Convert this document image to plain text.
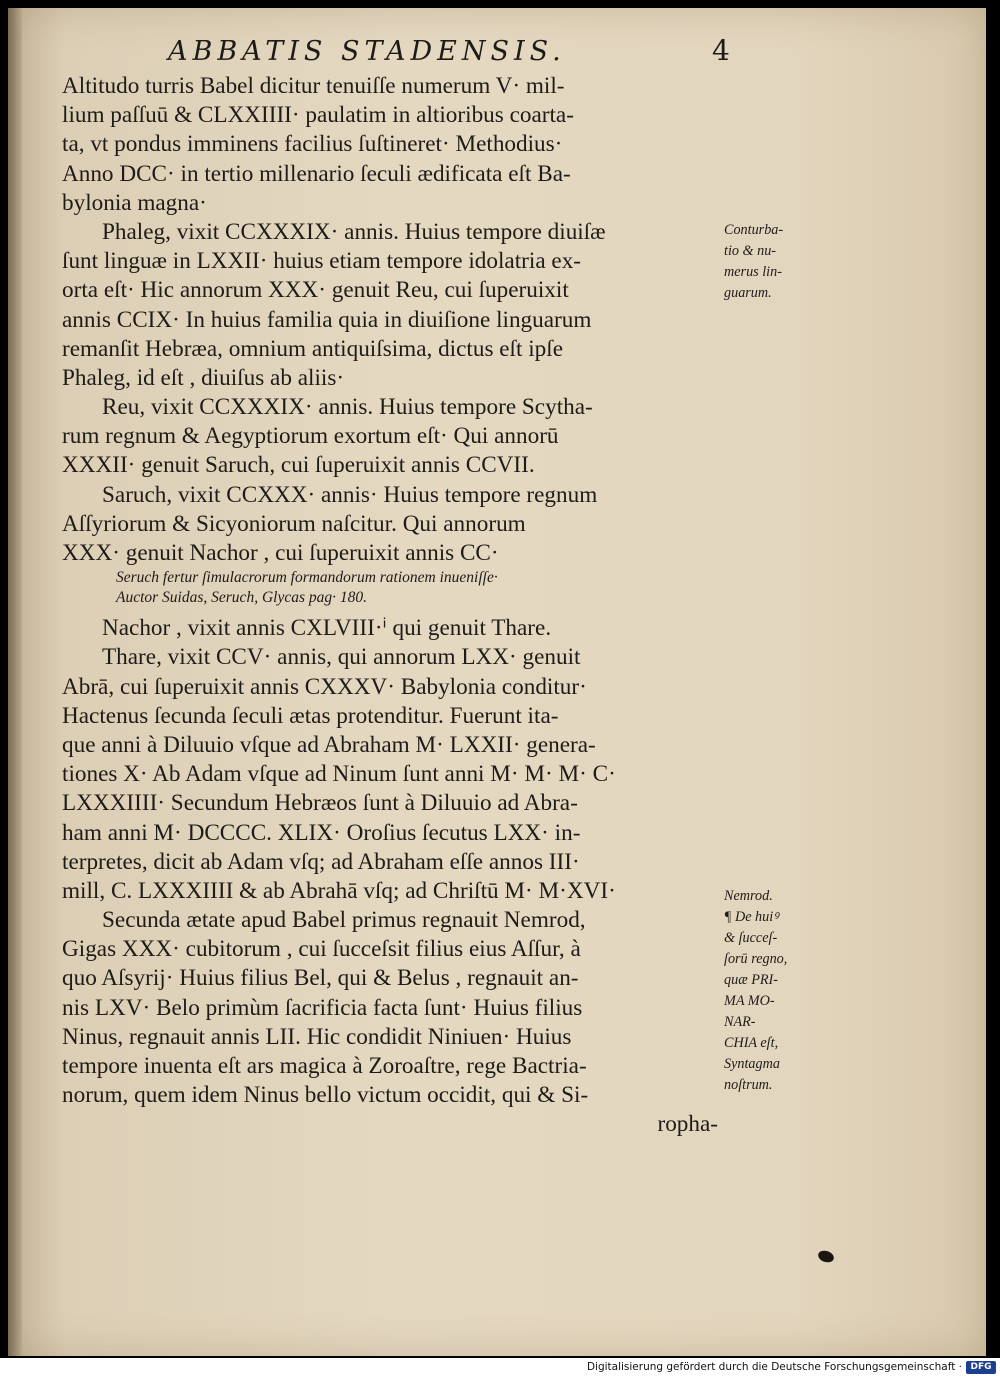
ABBATIS STADENSIS.	4
Altitudo turris Babel dicitur tenuiſſe numerum V· mil-
lium paſſuū & CLXXIIII· paulatim in altioribus coarta-
ta, vt pondus imminens facilius ſuſtineret· Methodius·
Anno DCC· in tertio millenario ſeculi ædificata eſt Ba-
bylonia magna·
Phaleg, vixit CCXXXIX· annis. Huius tempore diuiſæ
ſunt linguæ in LXXII· huius etiam tempore idolatria ex-
orta eſt· Hic annorum XXX· genuit Reu, cui ſuperuixit
annis CCIX· In huius familia quia in diuiſione linguarum
remanſit Hebræa, omnium antiquiſsima, dictus eſt ipſe
Phaleg, id eſt , diuiſus ab aliis·
Reu, vixit CCXXXIX· annis. Huius tempore Scytha-
rum regnum & Aegyptiorum exortum eſt· Qui annorū
XXXII· genuit Saruch, cui ſuperuixit annis CCVII.
Saruch, vixit CCXXX· annis· Huius tempore regnum
Aſſyriorum & Sicyoniorum naſcitur. Qui annorum
XXX· genuit Nachor , cui ſuperuixit annis CC·
Seruch fertur ſimulacrorum formandorum rationem inueniſſe·
Auctor Suidas, Seruch, Glycas pag· 180.
Nachor , vixit annis CXLVIII·ⁱ qui genuit Thare.
Thare, vixit CCV· annis, qui annorum LXX· genuit
Abrā, cui ſuperuixit annis CXXXV· Babylonia conditur·
Hactenus ſecunda ſeculi ætas protenditur. Fuerunt ita-
que anni à Diluuio vſque ad Abraham M· LXXII· genera-
tiones X· Ab Adam vſque ad Ninum ſunt anni M· M· M· C·
LXXXIIII· Secundum Hebræos ſunt à Diluuio ad Abra-
ham anni M· DCCCC. XLIX· Oroſius ſecutus LXX· in-
terpretes, dicit ab Adam vſq; ad Abraham eſſe annos III·
mill, C. LXXXIIII & ab Abrahā vſq; ad Chriſtū M· M·XVI·
Secunda ætate apud Babel primus regnauit Nemrod,
Gigas XXX· cubitorum , cui ſucceſsit filius eius Aſſur, à
quo Aſsyrij· Huius filius Bel, qui & Belus , regnauit an-
nis LXV· Belo primùm ſacrificia facta ſunt· Huius filius
Ninus, regnauit annis LII. Hic condidit Niniuen· Huius
tempore inuenta eſt ars magica à Zoroaſtre, rege Bactria-
norum, quem idem Ninus bello victum occidit, qui & Si-
ropha-
Conturba-
tio & nu-
merus lin-
guarum.
Nemrod.
¶ De huiꝰ
& ſucceſ-
ſorū regno,
quæ PRI-
MA MO-
NAR-
CHIA eſt,
Syntagma
noſtrum.
Digitalisierung gefördert durch die Deutsche Forschungsgemeinschaft · DFG
